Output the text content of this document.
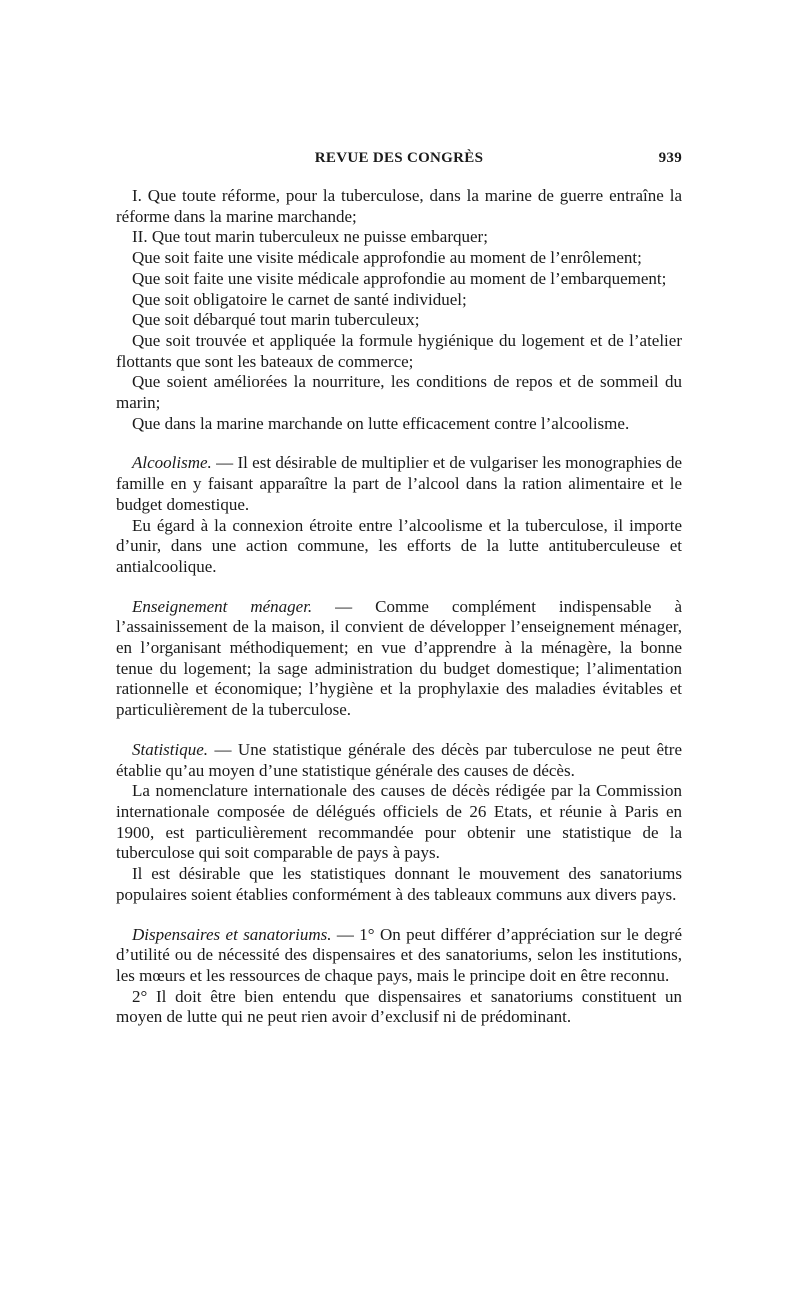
REVUE DES CONGRÈS	939

I. Que toute réforme, pour la tuberculose, dans la marine de guerre entraîne la réforme dans la marine marchande;

II. Que tout marin tuberculeux ne puisse embarquer;

Que soit faite une visite médicale approfondie au moment de l’enrôlement;

Que soit faite une visite médicale approfondie au moment de l’embarquement;

Que soit obligatoire le carnet de santé individuel;

Que soit débarqué tout marin tuberculeux;

Que soit trouvée et appliquée la formule hygiénique du logement et de l’atelier flottants que sont les bateaux de commerce;

Que soient améliorées la nourriture, les conditions de repos et de sommeil du marin;

Que dans la marine marchande on lutte efficacement contre l’alcoolisme.

Alcoolisme. — Il est désirable de multiplier et de vulgariser les monographies de famille en y faisant apparaître la part de l’alcool dans la ration alimentaire et le budget domestique.

Eu égard à la connexion étroite entre l’alcoolisme et la tuberculose, il importe d’unir, dans une action commune, les efforts de la lutte antituberculeuse et antialcoolique.

Enseignement ménager. — Comme complément indispensable à l’assainissement de la maison, il convient de développer l’enseignement ménager, en l’organisant méthodiquement; en vue d’apprendre à la ménagère, la bonne tenue du logement; la sage administration du budget domestique; l’alimentation rationnelle et économique; l’hygiène et la prophylaxie des maladies évitables et particulièrement de la tuberculose.

Statistique. — Une statistique générale des décès par tuberculose ne peut être établie qu’au moyen d’une statistique générale des causes de décès.

La nomenclature internationale des causes de décès rédigée par la Commission internationale composée de délégués officiels de 26 Etats, et réunie à Paris en 1900, est particulièrement recommandée pour obtenir une statistique de la tuberculose qui soit comparable de pays à pays.

Il est désirable que les statistiques donnant le mouvement des sanatoriums populaires soient établies conformément à des tableaux communs aux divers pays.

Dispensaires et sanatoriums. — 1° On peut différer d’appréciation sur le degré d’utilité ou de nécessité des dispensaires et des sanatoriums, selon les institutions, les mœurs et les ressources de chaque pays, mais le principe doit en être reconnu.

2° Il doit être bien entendu que dispensaires et sanatoriums constituent un moyen de lutte qui ne peut rien avoir d’exclusif ni de prédominant.
